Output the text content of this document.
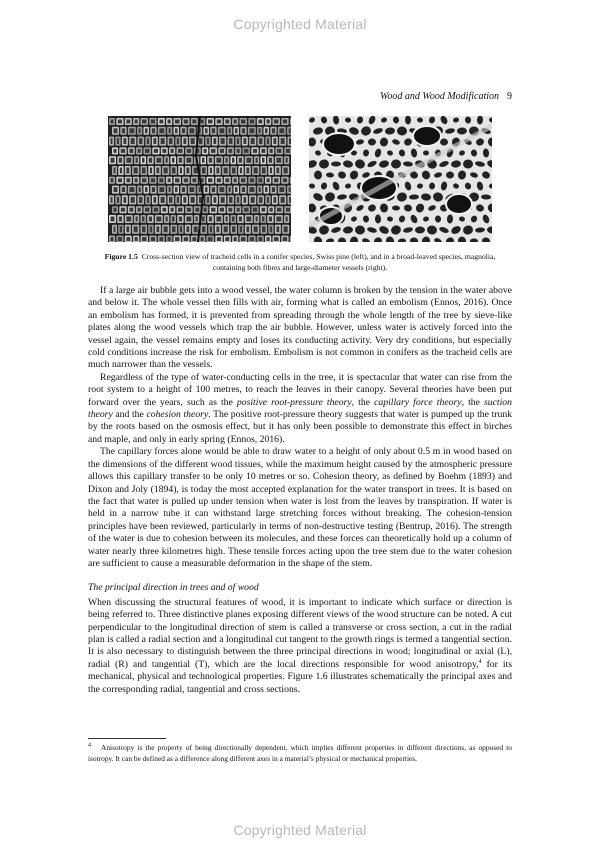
Copyrighted Material
Wood and Wood Modification 9
Figure 1.5 Cross-section view of tracheid cells in a conifer species, Swiss pine (left), and in a broad-leaved species, magnolia, containing both fibres and large-diameter vessels (right).

If a large air bubble gets into a wood vessel, the water column is broken by the tension in the water above and below it. The whole vessel then fills with air, forming what is called an embolism (Ennos, 2016). Once an embolism has formed, it is prevented from spreading through the whole length of the tree by sieve-like plates along the wood vessels which trap the air bubble. However, unless water is actively forced into the vessel again, the vessel remains empty and loses its conducting activity. Very dry conditions, but especially cold conditions increase the risk for embolism. Embolism is not common in conifers as the tracheid cells are much narrower than the vessels.

Regardless of the type of water-conducting cells in the tree, it is spectacular that water can rise from the root system to a height of 100 metres, to reach the leaves in their canopy. Several theories have been put forward over the years, such as the positive root-pressure theory, the capillary force theory, the suction theory and the cohesion theory. The positive root-pressure theory suggests that water is pumped up the trunk by the roots based on the osmosis effect, but it has only been possible to demonstrate this effect in birches and maple, and only in early spring (Ennos, 2016).

The capillary forces alone would be able to draw water to a height of only about 0.5 m in wood based on the dimensions of the different wood tissues, while the maximum height caused by the atmospheric pressure allows this capillary transfer to be only 10 metres or so. Cohesion theory, as defined by Boehm (1893) and Dixon and Joly (1894), is today the most accepted explanation for the water transport in trees. It is based on the fact that water is pulled up under tension when water is lost from the leaves by transpiration. If water is held in a narrow tube it can withstand large stretching forces without breaking. The cohesion-tension principles have been reviewed, particularly in terms of non-destructive testing (Bentrup, 2016). The strength of the water is due to cohesion between its molecules, and these forces can theoretically hold up a column of water nearly three kilometres high. These tensile forces acting upon the tree stem due to the water cohesion are sufficient to cause a measurable deformation in the shape of the stem.

The principal direction in trees and of wood

When discussing the structural features of wood, it is important to indicate which surface or direction is being referred to. Three distinctive planes exposing different views of the wood structure can be noted. A cut perpendicular to the longitudinal direction of stem is called a transverse or cross section, a cut in the radial plan is called a radial section and a longitudinal cut tangent to the growth rings is termed a tangential section. It is also necessary to distinguish between the three principal directions in wood; longitudinal or axial (L), radial (R) and tangential (T), which are the local directions responsible for wood anisotropy,$^4$ for its mechanical, physical and technological properties. Figure 1.6 illustrates schematically the principal axes and the corresponding radial, tangential and cross sections.

$^4$ Anisotropy is the property of being directionally dependent, which implies different properties in different directions, as opposed to isotropy. It can be defined as a difference along different axes in a material’s physical or mechanical properties.
Copyrighted Material
